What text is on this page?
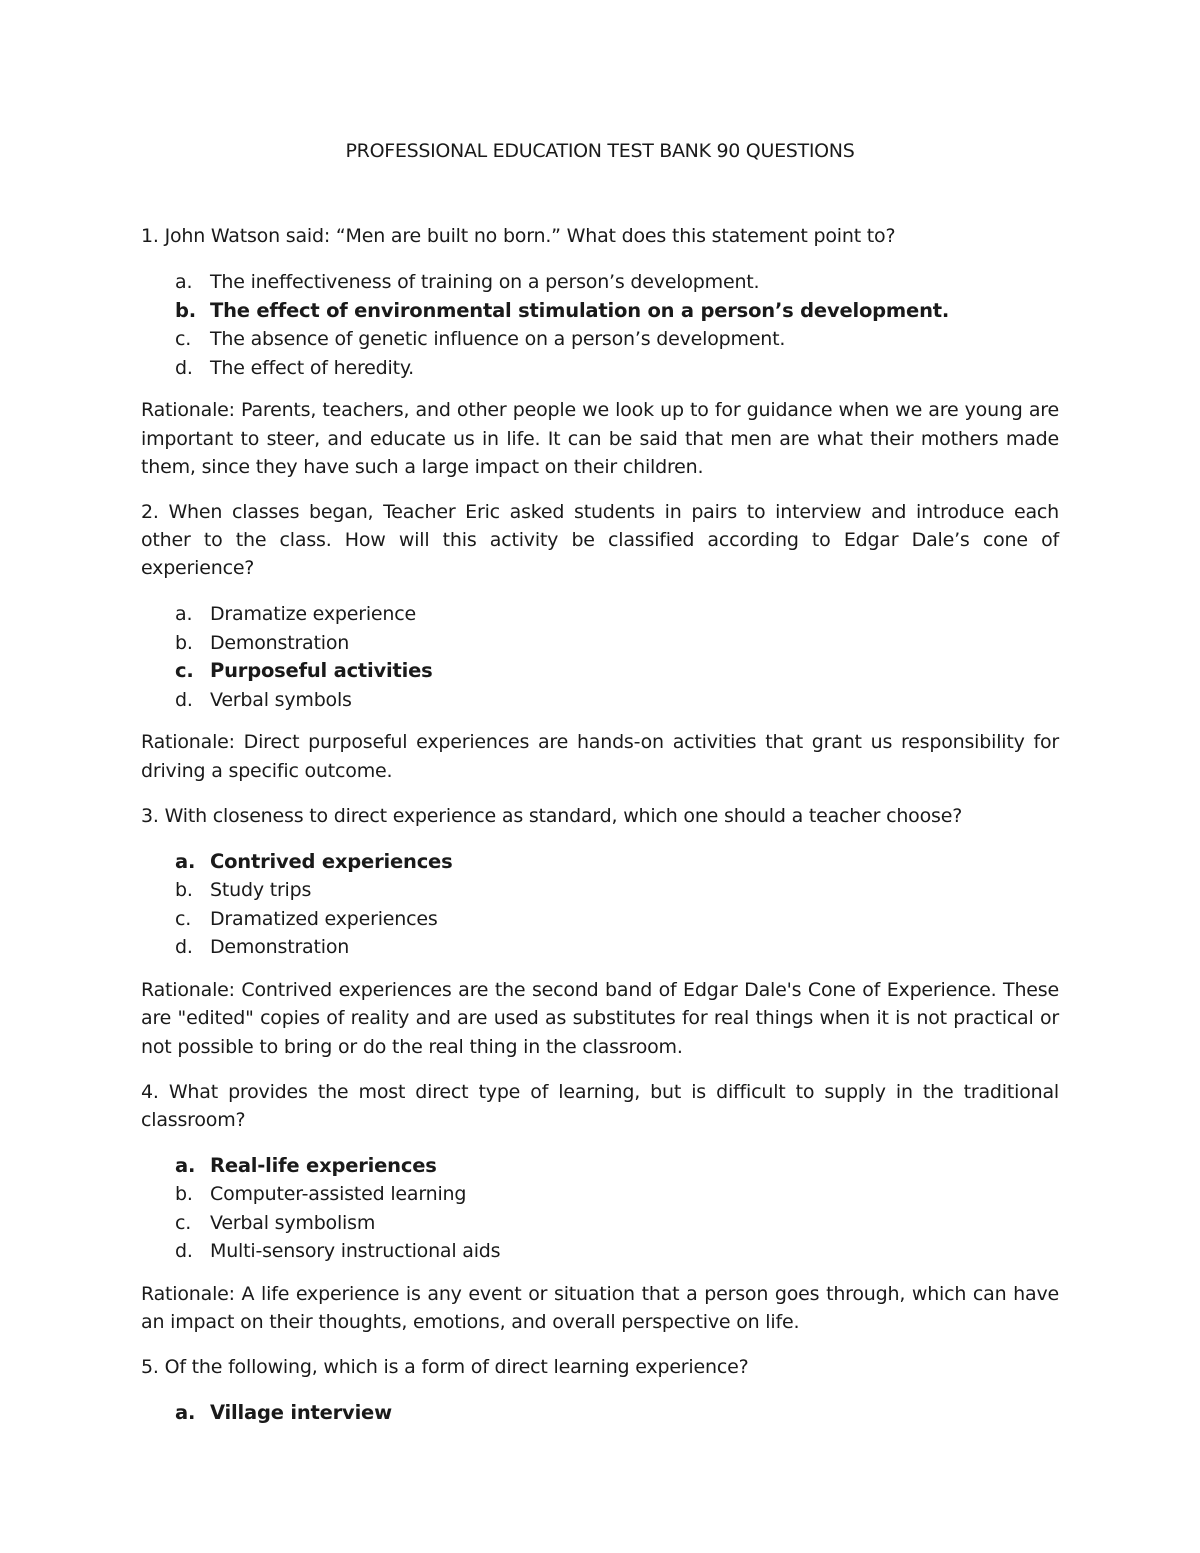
PROFESSIONAL EDUCATION TEST BANK 90 QUESTIONS

1. John Watson said: “Men are built no born.” What does this statement point to?

a. The ineffectiveness of training on a person’s development.
b. The effect of environmental stimulation on a person’s development.
c. The absence of genetic influence on a person’s development.
d. The effect of heredity.

Rationale: Parents, teachers, and other people we look up to for guidance when we are young are important to steer, and educate us in life. It can be said that men are what their mothers made them, since they have such a large impact on their children.

2. When classes began, Teacher Eric asked students in pairs to interview and introduce each other to the class. How will this activity be classified according to Edgar Dale’s cone of experience?

a. Dramatize experience
b. Demonstration
c. Purposeful activities
d. Verbal symbols

Rationale: Direct purposeful experiences are hands-on activities that grant us responsibility for driving a specific outcome.

3. With closeness to direct experience as standard, which one should a teacher choose?

a. Contrived experiences
b. Study trips
c. Dramatized experiences
d. Demonstration

Rationale: Contrived experiences are the second band of Edgar Dale's Cone of Experience. These are "edited" copies of reality and are used as substitutes for real things when it is not practical or not possible to bring or do the real thing in the classroom.

4. What provides the most direct type of learning, but is difficult to supply in the traditional classroom?

a. Real-life experiences
b. Computer-assisted learning
c. Verbal symbolism
d. Multi-sensory instructional aids

Rationale: A life experience is any event or situation that a person goes through, which can have an impact on their thoughts, emotions, and overall perspective on life.

5. Of the following, which is a form of direct learning experience?

a. Village interview
